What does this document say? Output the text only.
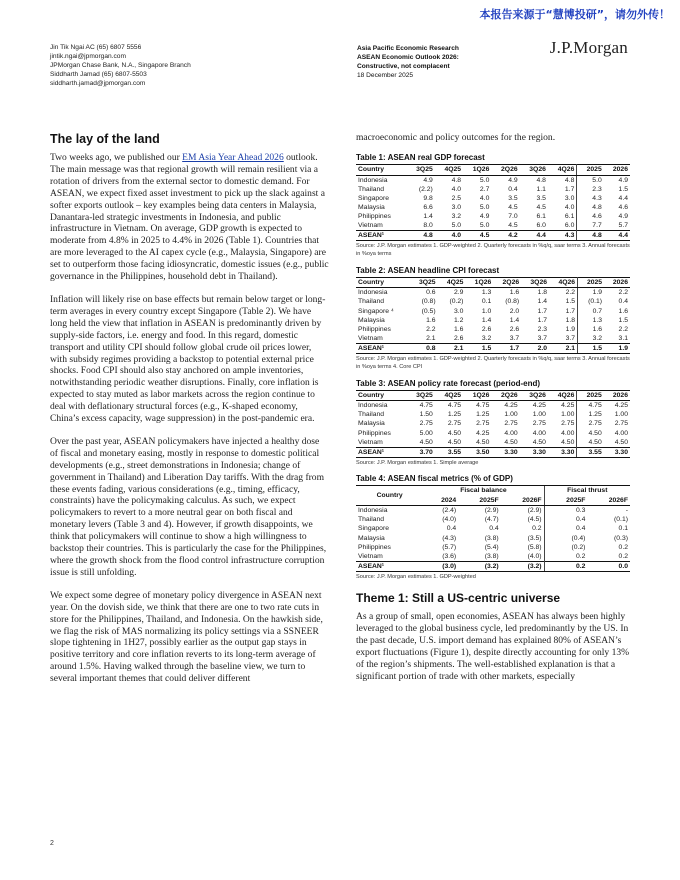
本报告来源于“慧博投研”，请勿外传！
Jin Tik Ngai AC (65) 6807 5556
jintik.ngai@jpmorgan.com
JPMorgan Chase Bank, N.A., Singapore Branch
Siddharth Jamad (65) 6807-5503
siddharth.jamad@jpmorgan.com
Asia Pacific Economic Research
ASEAN Economic Outlook 2026:
Constructive, not complacent
18 December 2025
J.P.Morgan
The lay of the land

Two weeks ago, we published our EM Asia Year Ahead 2026 outlook. The main message was that regional growth will remain resilient via a rotation of drivers from the external sector to domestic demand. For ASEAN, we expect fixed asset investment to pick up the slack against a softer exports outlook – key examples being data centers in Malaysia, Danantara-led strategic investments in Indonesia, and public infrastructure in Vietnam. On average, GDP growth is expected to moderate from 4.8% in 2025 to 4.4% in 2026 (Table 1). Countries that are more leveraged to the AI capex cycle (e.g., Malaysia, Singapore) are set to outperform those facing idiosyncratic, domestic issues (e.g., public governance in the Philippines, household debt in Thailand).

Inflation will likely rise on base effects but remain below target or long-term averages in every country except Singapore (Table 2). We have long held the view that inflation in ASEAN is predominantly driven by supply-side factors, i.e. energy and food. In this regard, domestic transport and utility CPI should follow global crude oil prices lower, with subsidy regimes providing a backstop to potential external price shocks. Food CPI should also stay anchored on ample inventories, notwithstanding periodic weather disruptions. Finally, core inflation is expected to stay muted as labor markets across the region continue to deal with deflationary structural forces (e.g., K-shaped economy, China’s excess capacity, wage suppression) in the post-pandemic era.

Over the past year, ASEAN policymakers have injected a healthy dose of fiscal and monetary easing, mostly in response to domestic political developments (e.g., street demonstrations in Indonesia; change of government in Thailand) and Liberation Day tariffs. With the drag from these events fading, various considerations (e.g., timing, efficacy, constraints) have the policymaking calculus. As such, we expect policymakers to revert to a more neutral gear on both fiscal and monetary levers (Table 3 and 4). However, if growth disappoints, we think that policymakers will continue to show a high willingness to backstop their countries. This is particularly the case for the Philippines, where the growth shock from the flood control infrastructure corruption issue is still unfolding.

We expect some degree of monetary policy divergence in ASEAN next year. On the dovish side, we think that there are one to two rate cuts in store for the Philippines, Thailand, and Indonesia. On the hawkish side, we flag the risk of MAS normalizing its policy settings via a SSNEER slope tightening in 1H27, possibly earlier as the output gap stays in positive territory and core inflation reverts to its long-term average of around 1.5%. Having walked through the baseline view, we turn to several important themes that could deliver different

macroeconomic and policy outcomes for the region.

Table 1: ASEAN real GDP forecast
Country	3Q25	4Q25	1Q26	2Q26	3Q26	4Q26	2025	2026
Indonesia	4.9	4.8	5.0	4.9	4.8	4.8	5.0	4.9
Thailand	(2.2)	4.0	2.7	0.4	1.1	1.7	2.3	1.5
Singapore	9.8	2.5	4.0	3.5	3.5	3.0	4.3	4.4
Malaysia	6.6	3.0	5.0	4.5	4.5	4.0	4.8	4.6
Philippines	1.4	3.2	4.9	7.0	6.1	6.1	4.6	4.9
Vietnam	8.0	5.0	5.0	4.5	6.0	6.0	7.7	5.7
ASEAN¹	4.8	4.0	4.5	4.2	4.4	4.3	4.8	4.4
Source: J.P. Morgan estimates 1. GDP-weighted 2. Quarterly forecasts in %q/q, saar terms 3. Annual forecasts in %oya terms
Table 2: ASEAN headline CPI forecast
Country	3Q25	4Q25	1Q26	2Q26	3Q26	4Q26	2025	2026
Indonesia	0.6	2.9	1.3	1.6	1.8	2.2	1.9	2.2
Thailand	(0.8)	(0.2)	0.1	(0.8)	1.4	1.5	(0.1)	0.4
Singapore ⁴	(0.5)	3.0	1.0	2.0	1.7	1.7	0.7	1.6
Malaysia	1.6	1.2	1.4	1.4	1.7	1.8	1.3	1.5
Philippines	2.2	1.6	2.6	2.6	2.3	1.9	1.6	2.2
Vietnam	2.1	2.6	3.2	3.7	3.7	3.7	3.2	3.1
ASEAN¹	0.8	2.1	1.5	1.7	2.0	2.1	1.5	1.9
Source: J.P. Morgan estimates 1. GDP-weighted 2. Quarterly forecasts in %q/q, saar terms 3. Annual forecasts in %oya terms 4. Core CPI
Table 3: ASEAN policy rate forecast (period-end)
Country	3Q25	4Q25	1Q26	2Q26	3Q26	4Q26	2025	2026
Indonesia	4.75	4.75	4.75	4.25	4.25	4.25	4.75	4.25
Thailand	1.50	1.25	1.25	1.00	1.00	1.00	1.25	1.00
Malaysia	2.75	2.75	2.75	2.75	2.75	2.75	2.75	2.75
Philippines	5.00	4.50	4.25	4.00	4.00	4.00	4.50	4.00
Vietnam	4.50	4.50	4.50	4.50	4.50	4.50	4.50	4.50
ASEAN¹	3.70	3.55	3.50	3.30	3.30	3.30	3.55	3.30
Source: J.P. Morgan estimates 1. Simple average
Table 4: ASEAN fiscal metrics (% of GDP)
Country	Fiscal balance			Fiscal thrust	
	2024	2025F	2026F	2025F	2026F
Indonesia	(2.4)	(2.9)	(2.9)	0.3	-
Thailand	(4.0)	(4.7)	(4.5)	0.4	(0.1)
Singapore	0.4	0.4	0.2	0.4	0.1
Malaysia	(4.3)	(3.8)	(3.5)	(0.4)	(0.3)
Philippines	(5.7)	(5.4)	(5.8)	(0.2)	0.2
Vietnam	(3.6)	(3.8)	(4.0)	0.2	0.2
ASEAN¹	(3.0)	(3.2)	(3.2)	0.2	0.0
Source: J.P. Morgan estimates 1. GDP-weighted
Theme 1: Still a US-centric universe

As a group of small, open economies, ASEAN has always been highly leveraged to the global business cycle, led predominantly by the US. In the past decade, U.S. import demand has explained 80% of ASEAN’s export fluctuations (Figure 1), despite directly accounting for only 13% of the region’s shipments. The well-established explanation is that a significant portion of trade with other markets, especially

2
